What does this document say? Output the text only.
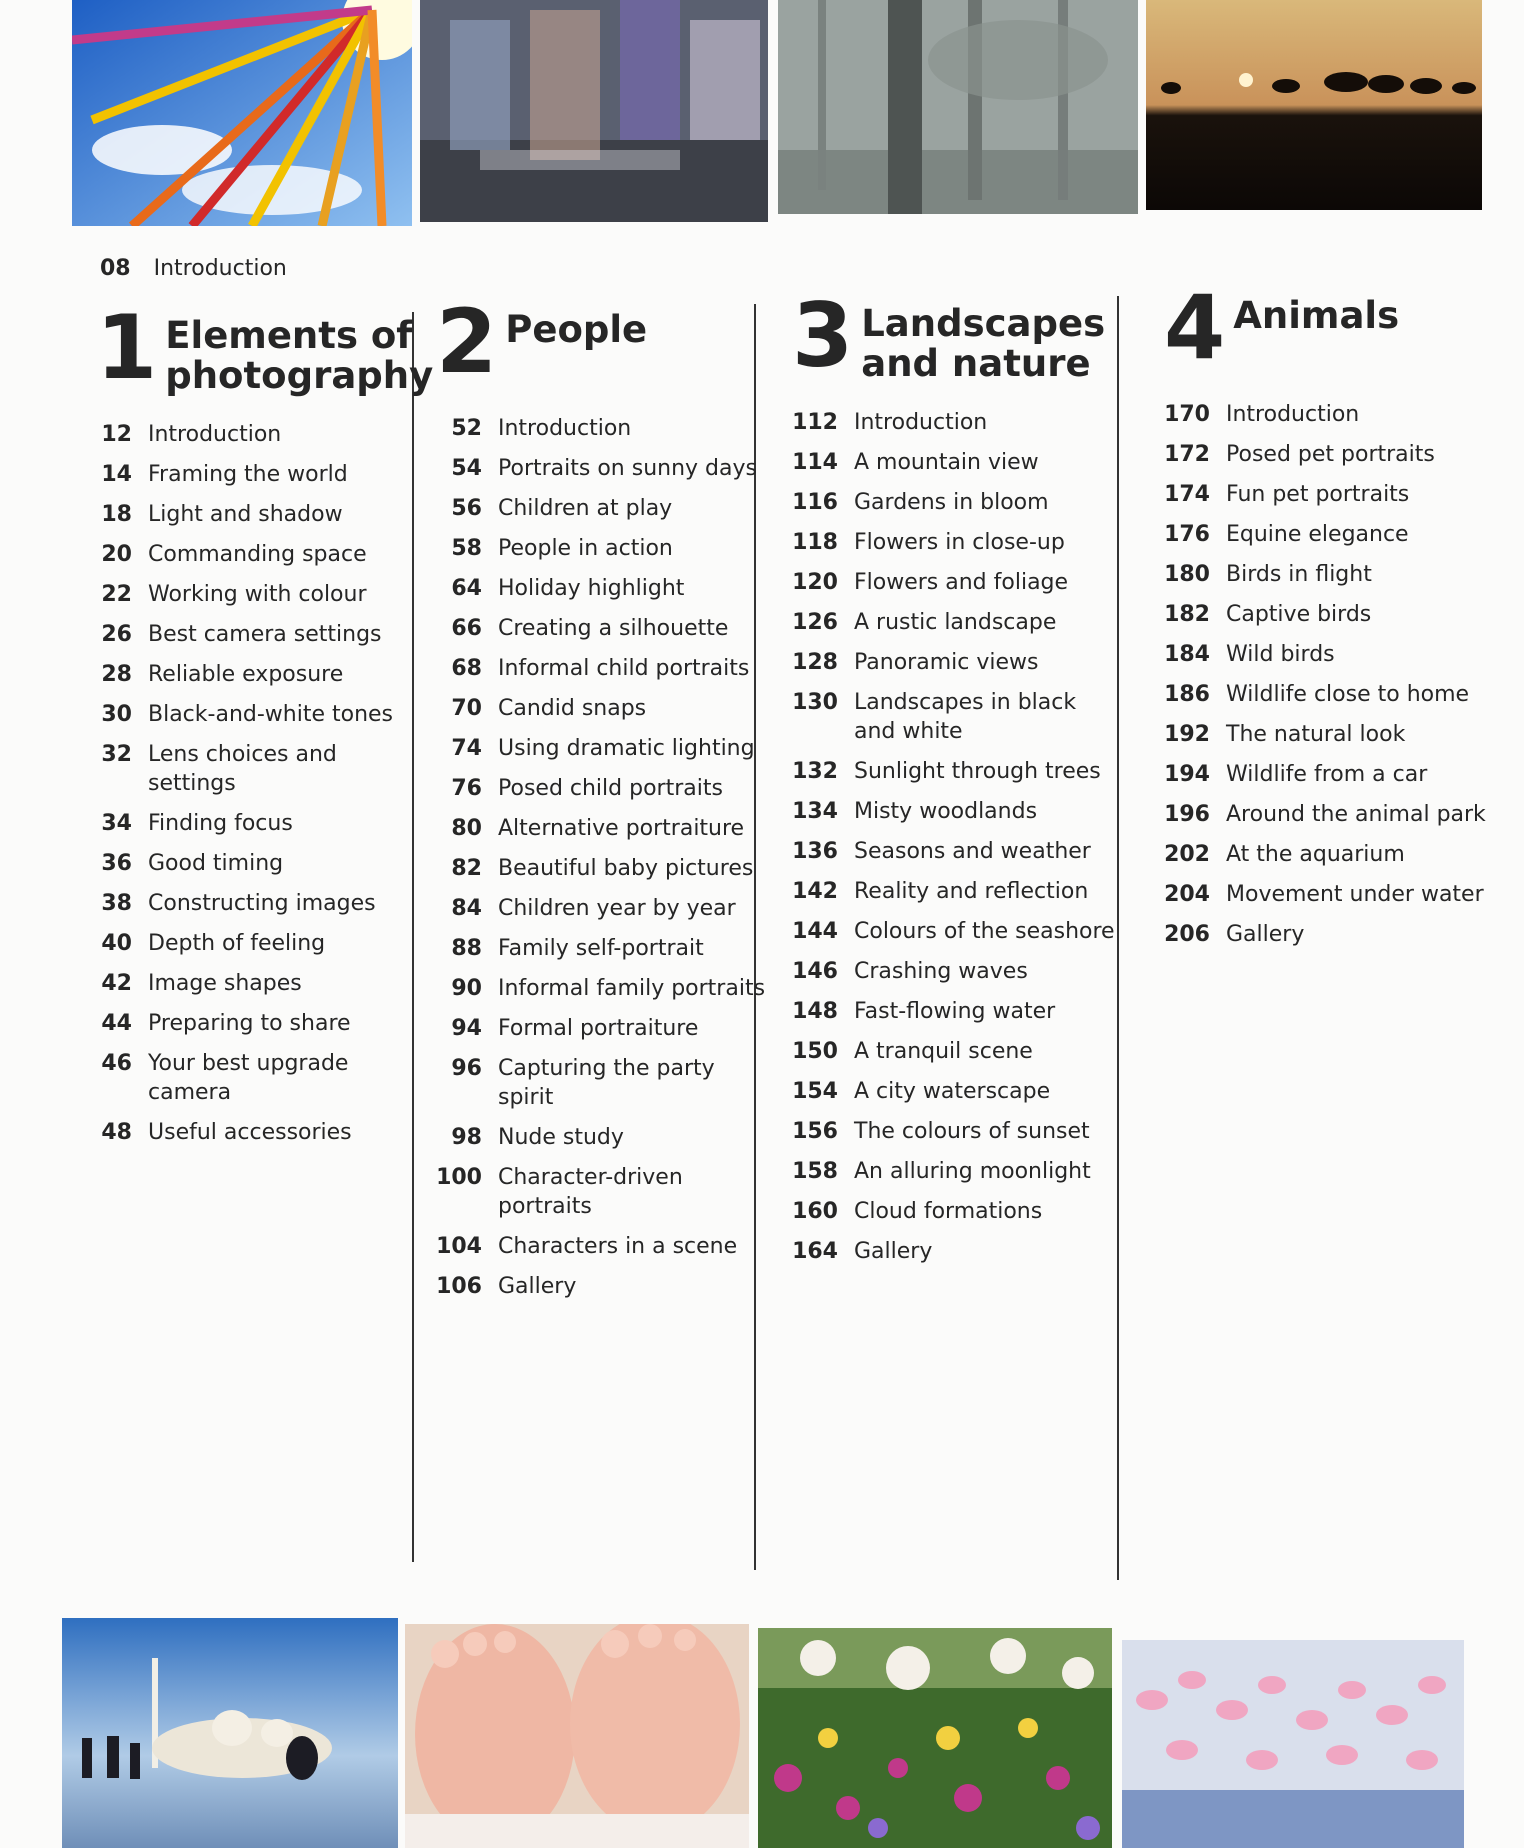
08 Introduction
1 Elements of photography
12 Introduction
14 Framing the world
18 Light and shadow
20 Commanding space
22 Working with colour
26 Best camera settings
28 Reliable exposure
30 Black-and-white tones
32 Lens choices and settings
34 Finding focus
36 Good timing
38 Constructing images
40 Depth of feeling
42 Image shapes
44 Preparing to share
46 Your best upgrade camera
48 Useful accessories
2 People
52 Introduction
54 Portraits on sunny days
56 Children at play
58 People in action
64 Holiday highlight
66 Creating a silhouette
68 Informal child portraits
70 Candid snaps
74 Using dramatic lighting
76 Posed child portraits
80 Alternative portraiture
82 Beautiful baby pictures
84 Children year by year
88 Family self-portrait
90 Informal family portraits
94 Formal portraiture
96 Capturing the party spirit
98 Nude study
100 Character-driven portraits
104 Characters in a scene
106 Gallery
3 Landscapes and nature
112 Introduction
114 A mountain view
116 Gardens in bloom
118 Flowers in close-up
120 Flowers and foliage
126 A rustic landscape
128 Panoramic views
130 Landscapes in black and white
132 Sunlight through trees
134 Misty woodlands
136 Seasons and weather
142 Reality and reflection
144 Colours of the seashore
146 Crashing waves
148 Fast-flowing water
150 A tranquil scene
154 A city waterscape
156 The colours of sunset
158 An alluring moonlight
160 Cloud formations
164 Gallery
4 Animals
170 Introduction
172 Posed pet portraits
174 Fun pet portraits
176 Equine elegance
180 Birds in flight
182 Captive birds
184 Wild birds
186 Wildlife close to home
192 The natural look
194 Wildlife from a car
196 Around the animal park
202 At the aquarium
204 Movement under water
206 Gallery
